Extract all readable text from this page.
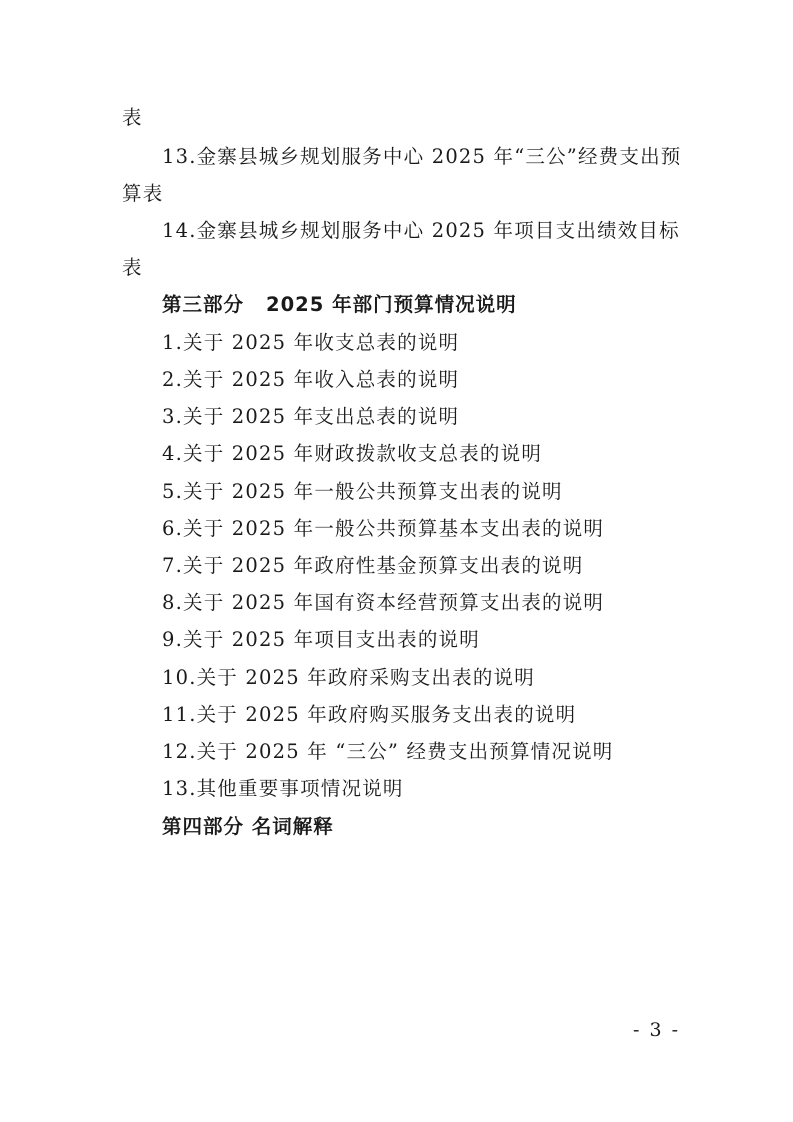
表
13.金寨县城乡规划服务中心 2025 年“三公”经费支出预
算表
14.金寨县城乡规划服务中心 2025 年项目支出绩效目标
表
第三部分 2025 年部门预算情况说明
1.关于 2025 年收支总表的说明
2.关于 2025 年收入总表的说明
3.关于 2025 年支出总表的说明
4.关于 2025 年财政拨款收支总表的说明
5.关于 2025 年一般公共预算支出表的说明
6.关于 2025 年一般公共预算基本支出表的说明
7.关于 2025 年政府性基金预算支出表的说明
8.关于 2025 年国有资本经营预算支出表的说明
9.关于 2025 年项目支出表的说明
10.关于 2025 年政府采购支出表的说明
11.关于 2025 年政府购买服务支出表的说明
12.关于 2025 年 “三公” 经费支出预算情况说明
13.其他重要事项情况说明
第四部分 名词解释
- 3 -
